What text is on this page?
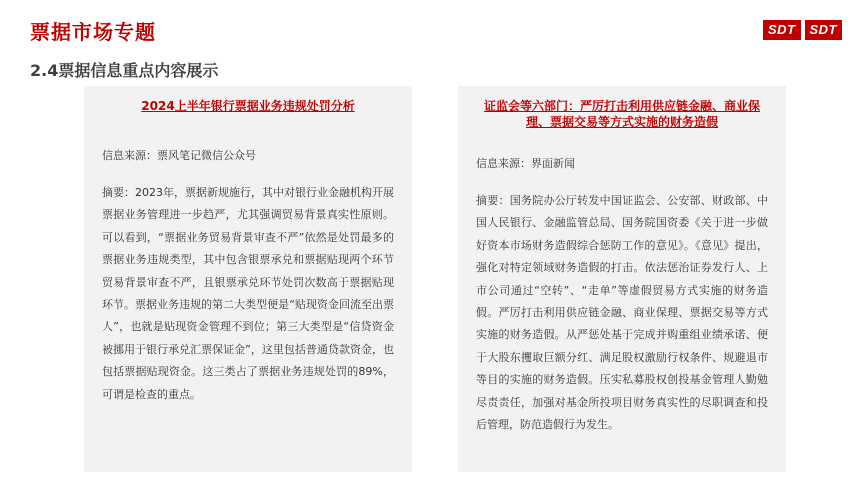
票据市场专题	SDT	SDT
2.4票据信息重点内容展示
2024上半年银行票据业务违规处罚分析
信息来源：票风笔记微信公众号
摘要：2023年，票据新规施行，其中对银行业金融机构开展票据业务管理进一步趋严，尤其强调贸易背景真实性原则。可以看到，“票据业务贸易背景审查不严”依然是处罚最多的票据业务违规类型，其中包含银票承兑和票据贴现两个环节贸易背景审查不严，且银票承兑环节处罚次数高于票据贴现环节。票据业务违规的第二大类型便是“贴现资金回流至出票人”，也就是贴现资金管理不到位；第三大类型是“信贷资金被挪用于银行承兑汇票保证金”，这里包括普通贷款资金，也包括票据贴现资金。这三类占了票据业务违规处罚的89%，可谓是检查的重点。
证监会等六部门：严厉打击利用供应链金融、商业保理、票据交易等方式实施的财务造假
信息来源：界面新闻
摘要：国务院办公厅转发中国证监会、公安部、财政部、中国人民银行、金融监管总局、国务院国资委《关于进一步做好资本市场财务造假综合惩防工作的意见》。《意见》提出，强化对特定领域财务造假的打击。依法惩治证券发行人、上市公司通过“空转”、“走单”等虚假贸易方式实施的财务造假。严厉打击利用供应链金融、商业保理、票据交易等方式实施的财务造假。从严惩处基于完成并购重组业绩承诺、便于大股东攫取巨额分红、满足股权激励行权条件、规避退市等目的实施的财务造假。压实私募股权创投基金管理人勤勉尽责责任，加强对基金所投项目财务真实性的尽职调查和投后管理，防范造假行为发生。
